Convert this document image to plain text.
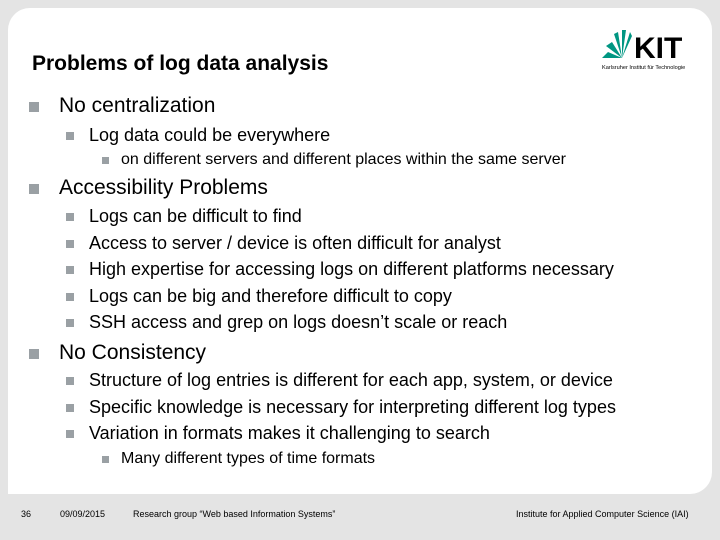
Problems of log data analysis	KIT
Karlsruher Institut für Technologie
No centralization
Log data could be everywhere
on different servers and different places within the same server
Accessibility Problems
Logs can be difficult to find
Access to server / device is often difficult for analyst
High expertise for accessing logs on different platforms necessary
Logs can be big and therefore difficult to copy
SSH access and grep on logs doesn’t scale or reach
No Consistency
Structure of log entries is different for each app, system, or device
Specific knowledge is necessary for interpreting different log types
Variation in formats makes it challenging to search
Many different types of time formats
36	09/09/2015	Research group “Web based Information Systems”	Institute for Applied Computer Science (IAI)
